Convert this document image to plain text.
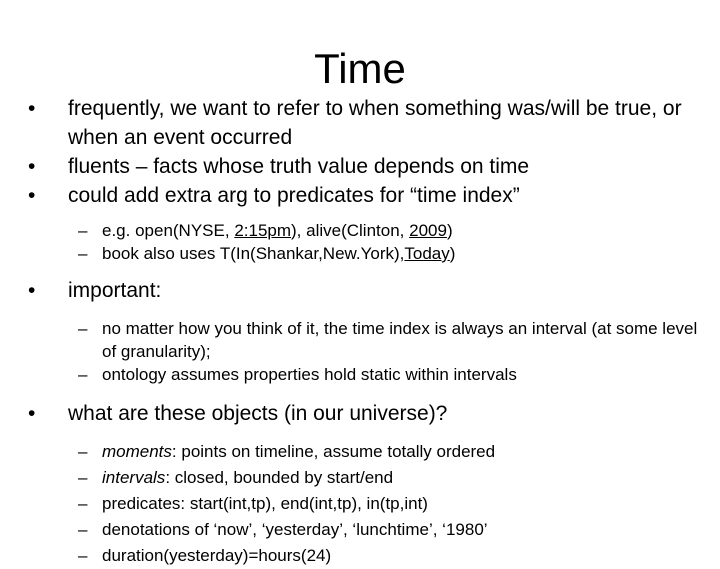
Time
• frequently, we want to refer to when something was/will be true, or when an event occurred
• fluents – facts whose truth value depends on time
• could add extra arg to predicates for “time index”
– e.g. open(NYSE, 2:15pm), alive(Clinton, 2009)
– book also uses T(In(Shankar,New.York),Today)
• important:
– no matter how you think of it, the time index is always an interval (at some level of granularity);
– ontology assumes properties hold static within intervals
• what are these objects (in our universe)?
– moments: points on timeline, assume totally ordered
– intervals: closed, bounded by start/end
– predicates: start(int,tp), end(int,tp), in(tp,int)
– denotations of ‘now’, ‘yesterday’, ‘lunchtime’, ‘1980’
– duration(yesterday)=hours(24)
